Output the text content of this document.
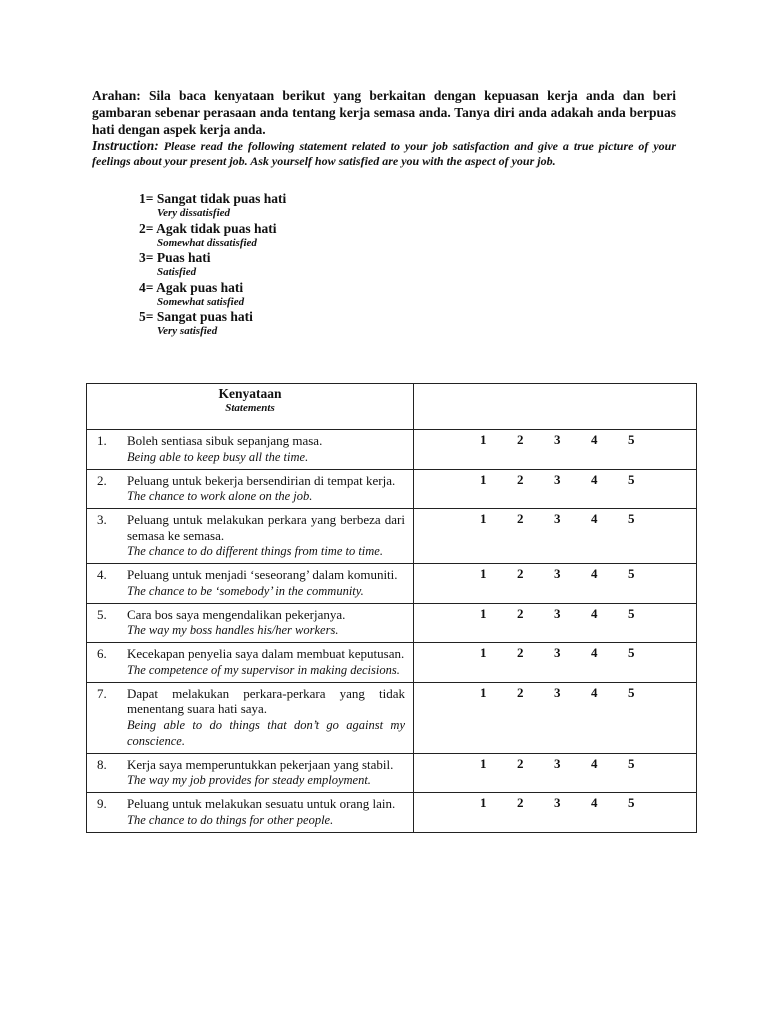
Arahan: Sila baca kenyataan berikut yang berkaitan dengan kepuasan kerja anda dan beri gambaran sebenar perasaan anda tentang kerja semasa anda. Tanya diri anda adakah anda berpuas hati dengan aspek kerja anda.

Instruction: Please read the following statement related to your job satisfaction and give a true picture of your feelings about your present job. Ask yourself how satisfied are you with the aspect of your job.

1= Sangat tidak puas hati
Very dissatisfied
2= Agak tidak puas hati
Somewhat dissatisfied
3= Puas hati
Satisfied
4= Agak puas hati
Somewhat satisfied
5= Sangat puas hati
Very satisfied
Kenyataan
Statements	

1. Boleh sentiasa sibuk sepanjang masa.
Being able to keep busy all the time.	1 2 3 4 5

2. Peluang untuk bekerja bersendirian di tempat kerja.
The chance to work alone on the job.	1 2 3 4 5

3. Peluang untuk melakukan perkara yang berbeza dari semasa ke semasa.
The chance to do different things from time to time.	1 2 3 4 5

4. Peluang untuk menjadi ‘seseorang’ dalam komuniti.
The chance to be ‘somebody’ in the community.	1 2 3 4 5

5. Cara bos saya mengendalikan pekerjanya.
The way my boss handles his/her workers.	1 2 3 4 5

6. Kecekapan penyelia saya dalam membuat keputusan.
The competence of my supervisor in making decisions.	1 2 3 4 5

7. Dapat melakukan perkara-perkara yang tidak menentang suara hati saya.
Being able to do things that don’t go against my conscience.	1 2 3 4 5

8. Kerja saya memperuntukkan pekerjaan yang stabil.
The way my job provides for steady employment.	1 2 3 4 5

9. Peluang untuk melakukan sesuatu untuk orang lain.
The chance to do things for other people.	1 2 3 4 5
